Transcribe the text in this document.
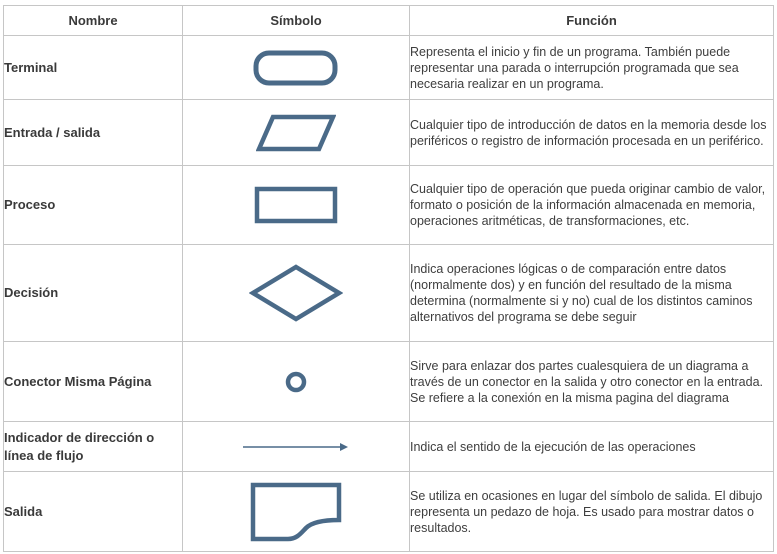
Nombre	Símbolo	Función
Terminal		Representa el inicio y fin de un programa. También puede representar una parada o interrupción programada que sea necesaria realizar en un programa.
Entrada / salida		Cualquier tipo de introducción de datos en la memoria desde los periféricos o registro de información procesada en un periférico.
Proceso		Cualquier tipo de operación que pueda originar cambio de valor, formato o posición de la información almacenada en memoria, operaciones aritméticas, de transformaciones, etc.
Decisión		Indica operaciones lógicas o de comparación entre datos (normalmente dos) y en función del resultado de la misma determina (normalmente si y no) cual de los distintos caminos alternativos del programa se debe seguir
Conector Misma Página		Sirve para enlazar dos partes cualesquiera de un diagrama a través de un conector en la salida y otro conector en la entrada. Se refiere a la conexión en la misma pagina del diagrama
Indicador de dirección o línea de flujo		Indica el sentido de la ejecución de las operaciones
Salida		Se utiliza en ocasiones en lugar del símbolo de salida. El dibujo representa un pedazo de hoja. Es usado para mostrar datos o resultados.
